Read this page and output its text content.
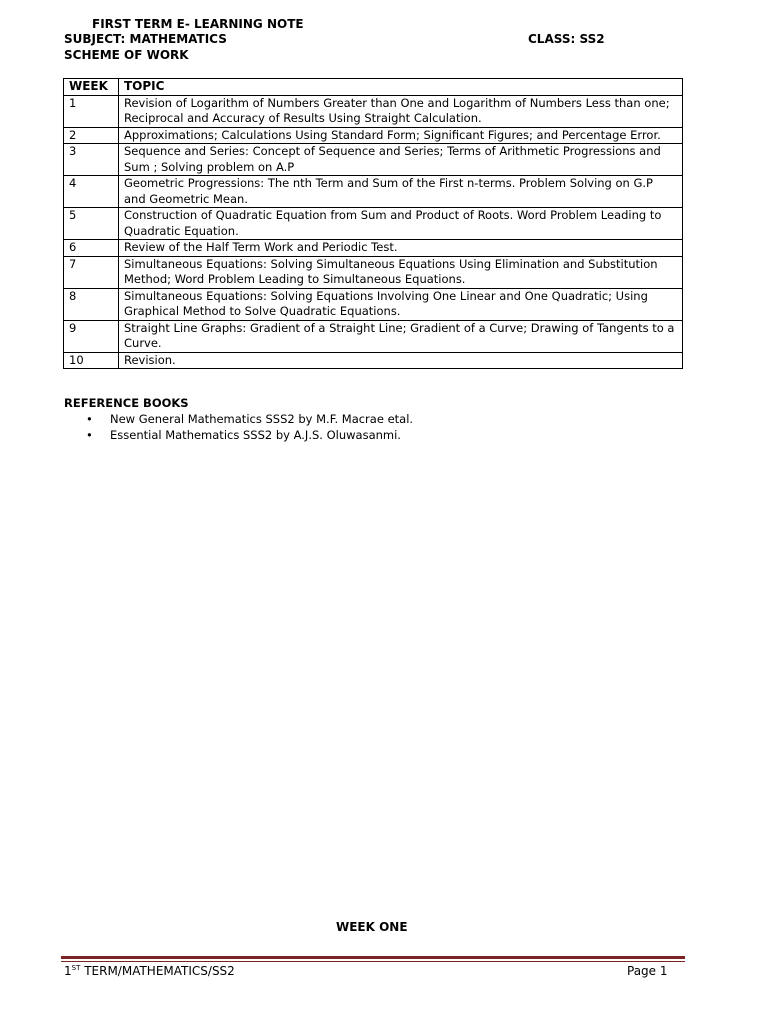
FIRST TERM E- LEARNING NOTE
SUBJECT: MATHEMATICS	CLASS: SS2
SCHEME OF WORK
WEEK	TOPIC
1	Revision of Logarithm of Numbers Greater than One and Logarithm of Numbers Less than one; Reciprocal and Accuracy of Results Using Straight Calculation.
2	Approximations; Calculations Using Standard Form; Significant Figures; and Percentage Error.
3	Sequence and Series: Concept of Sequence and Series; Terms of Arithmetic Progressions and Sum ; Solving problem on A.P
4	Geometric Progressions: The nth Term and Sum of the First n-terms. Problem Solving on G.P and Geometric Mean.
5	Construction of Quadratic Equation from Sum and Product of Roots. Word Problem Leading to Quadratic Equation.
6	Review of the Half Term Work and Periodic Test.
7	Simultaneous Equations: Solving Simultaneous Equations Using Elimination and Substitution Method; Word Problem Leading to Simultaneous Equations.
8	Simultaneous Equations: Solving Equations Involving One Linear and One Quadratic; Using Graphical Method to Solve Quadratic Equations.
9	Straight Line Graphs: Gradient of a Straight Line; Gradient of a Curve; Drawing of Tangents to a Curve.
10	Revision.
REFERENCE BOOKS
• New General Mathematics SSS2 by M.F. Macrae etal.
• Essential Mathematics SSS2 by A.J.S. Oluwasanmi.
WEEK ONE
1ST TERM/MATHEMATICS/SS2	Page 1
